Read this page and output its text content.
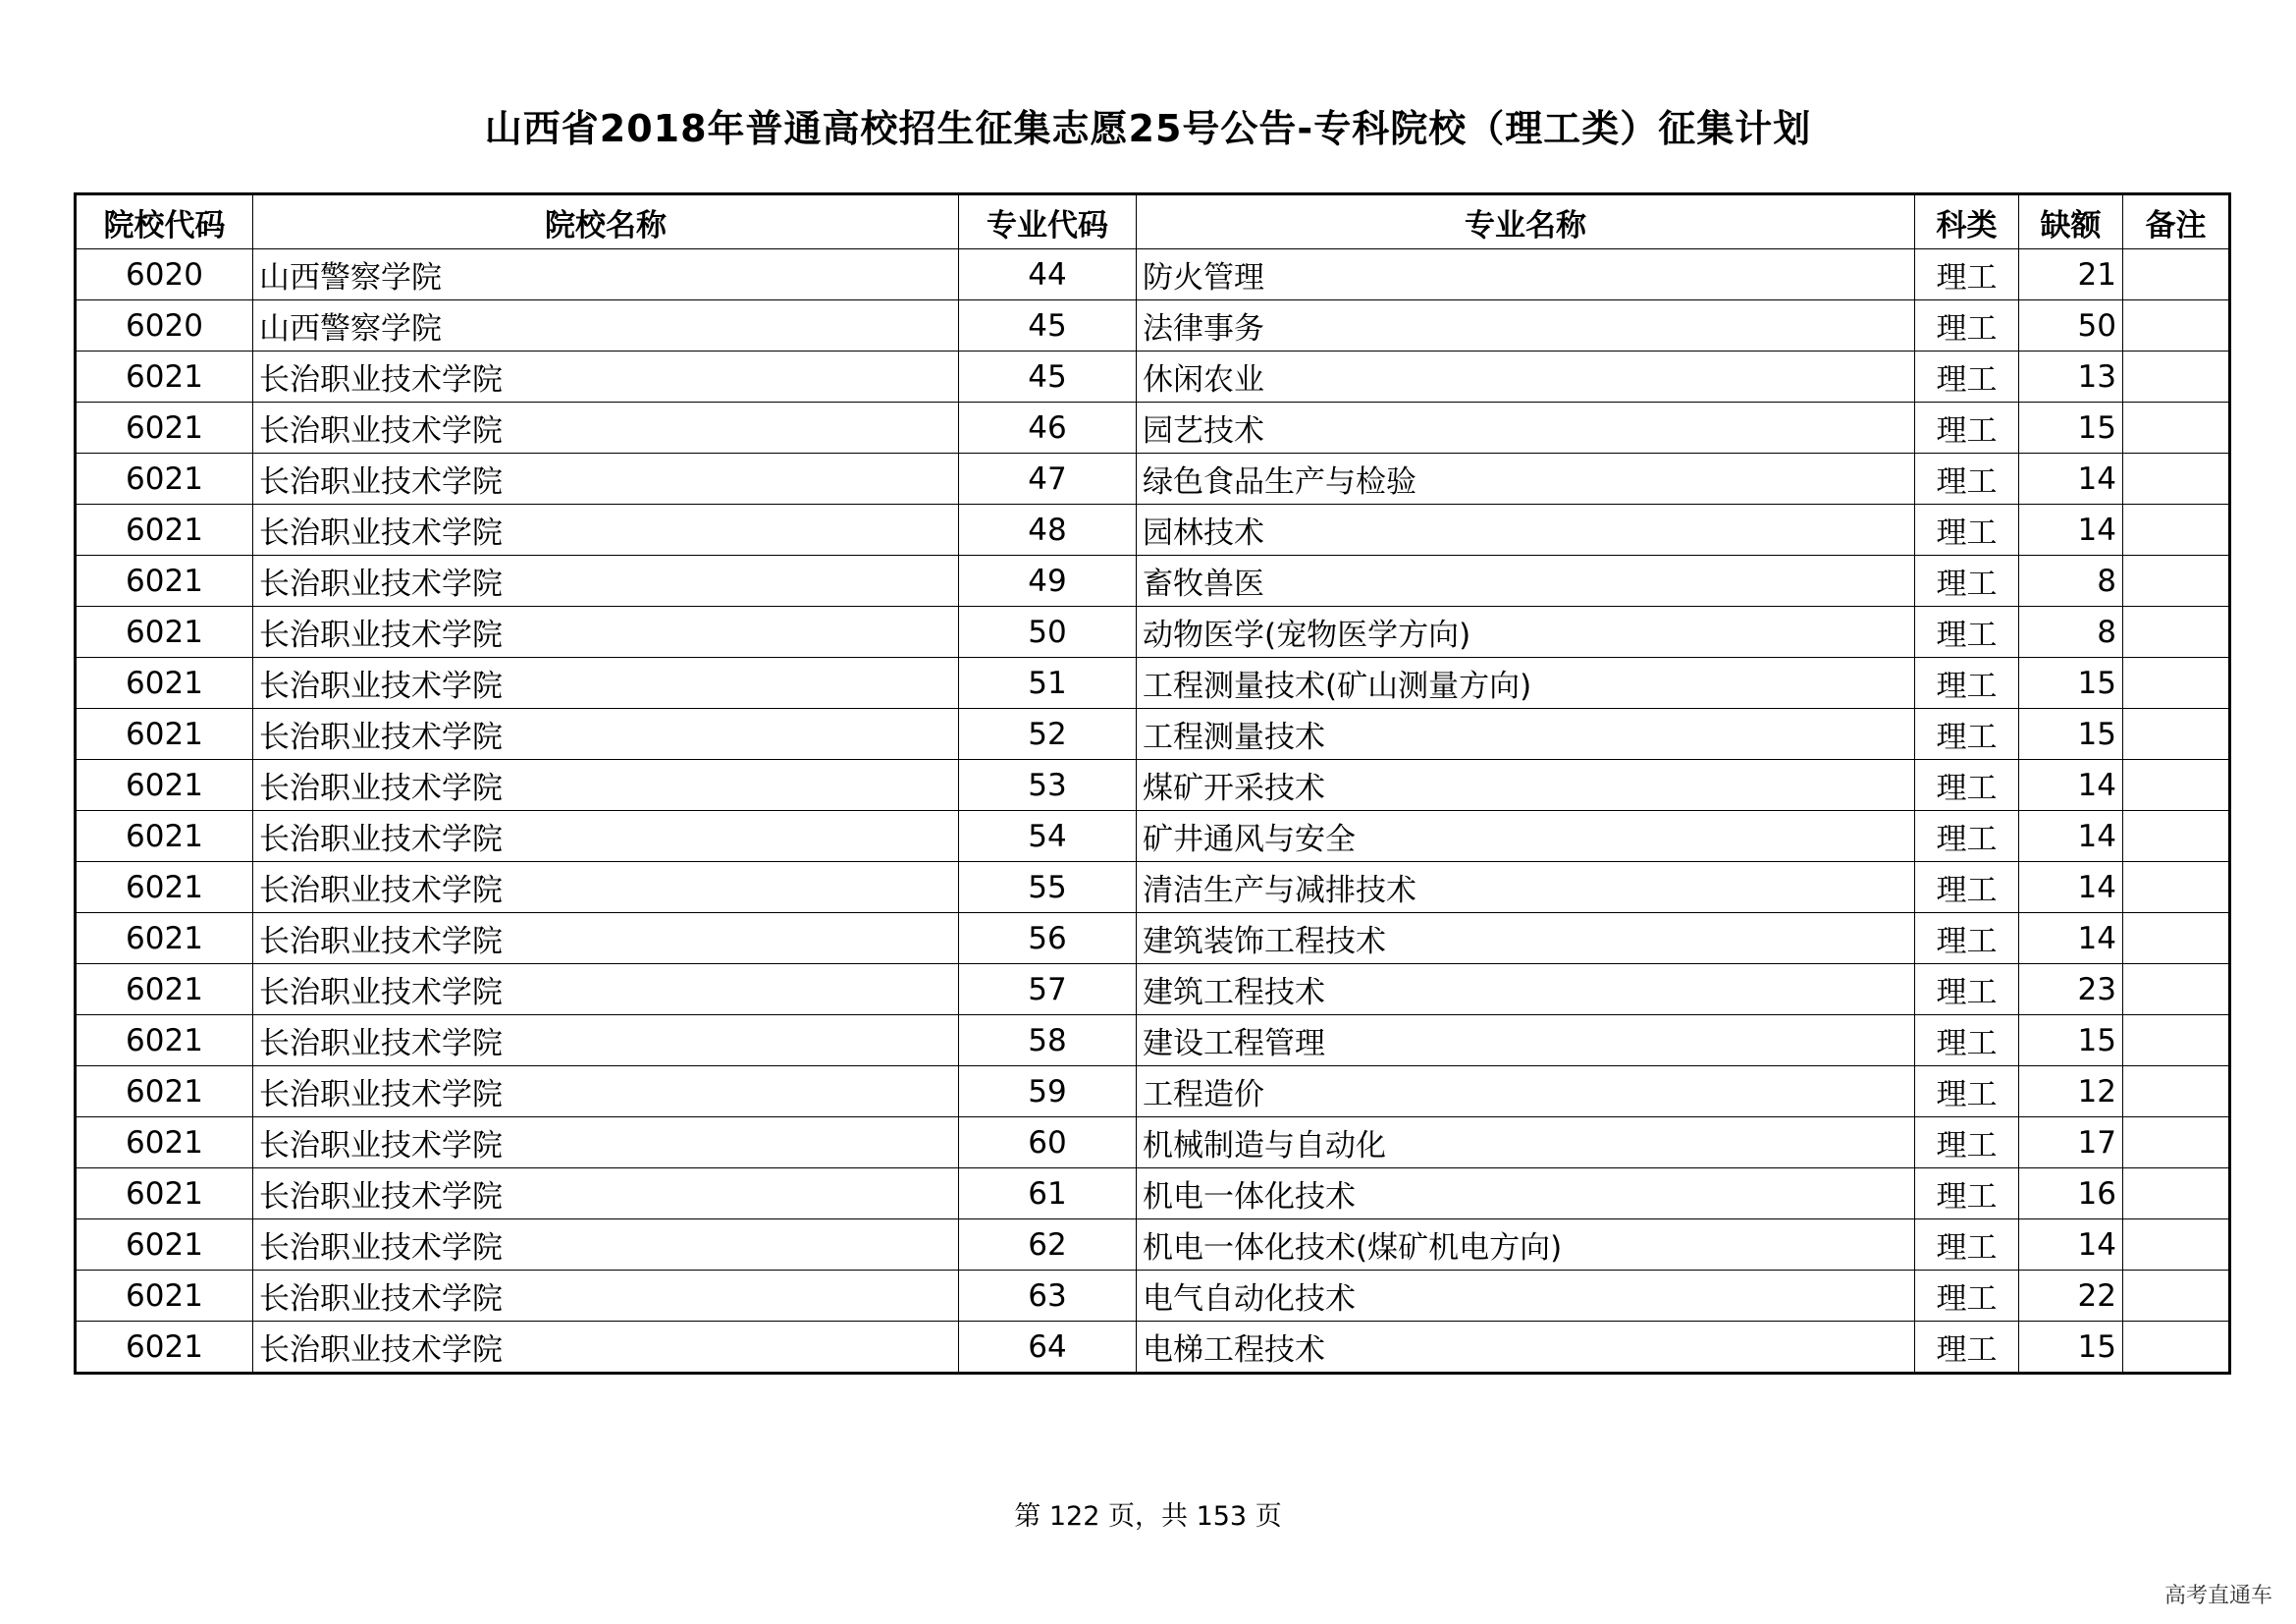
山西省2018年普通高校招生征集志愿25号公告-专科院校（理工类）征集计划
院校代码	院校名称	专业代码	专业名称	科类	缺额	备注
6020	山西警察学院	44	防火管理	理工	21	
6020	山西警察学院	45	法律事务	理工	50	
6021	长治职业技术学院	45	休闲农业	理工	13	
6021	长治职业技术学院	46	园艺技术	理工	15	
6021	长治职业技术学院	47	绿色食品生产与检验	理工	14	
6021	长治职业技术学院	48	园林技术	理工	14	
6021	长治职业技术学院	49	畜牧兽医	理工	8	
6021	长治职业技术学院	50	动物医学(宠物医学方向)	理工	8	
6021	长治职业技术学院	51	工程测量技术(矿山测量方向)	理工	15	
6021	长治职业技术学院	52	工程测量技术	理工	15	
6021	长治职业技术学院	53	煤矿开采技术	理工	14	
6021	长治职业技术学院	54	矿井通风与安全	理工	14	
6021	长治职业技术学院	55	清洁生产与减排技术	理工	14	
6021	长治职业技术学院	56	建筑装饰工程技术	理工	14	
6021	长治职业技术学院	57	建筑工程技术	理工	23	
6021	长治职业技术学院	58	建设工程管理	理工	15	
6021	长治职业技术学院	59	工程造价	理工	12	
6021	长治职业技术学院	60	机械制造与自动化	理工	17	
6021	长治职业技术学院	61	机电一体化技术	理工	16	
6021	长治职业技术学院	62	机电一体化技术(煤矿机电方向)	理工	14	
6021	长治职业技术学院	63	电气自动化技术	理工	22	
6021	长治职业技术学院	64	电梯工程技术	理工	15	
第 122 页，共 153 页
高考直通车
